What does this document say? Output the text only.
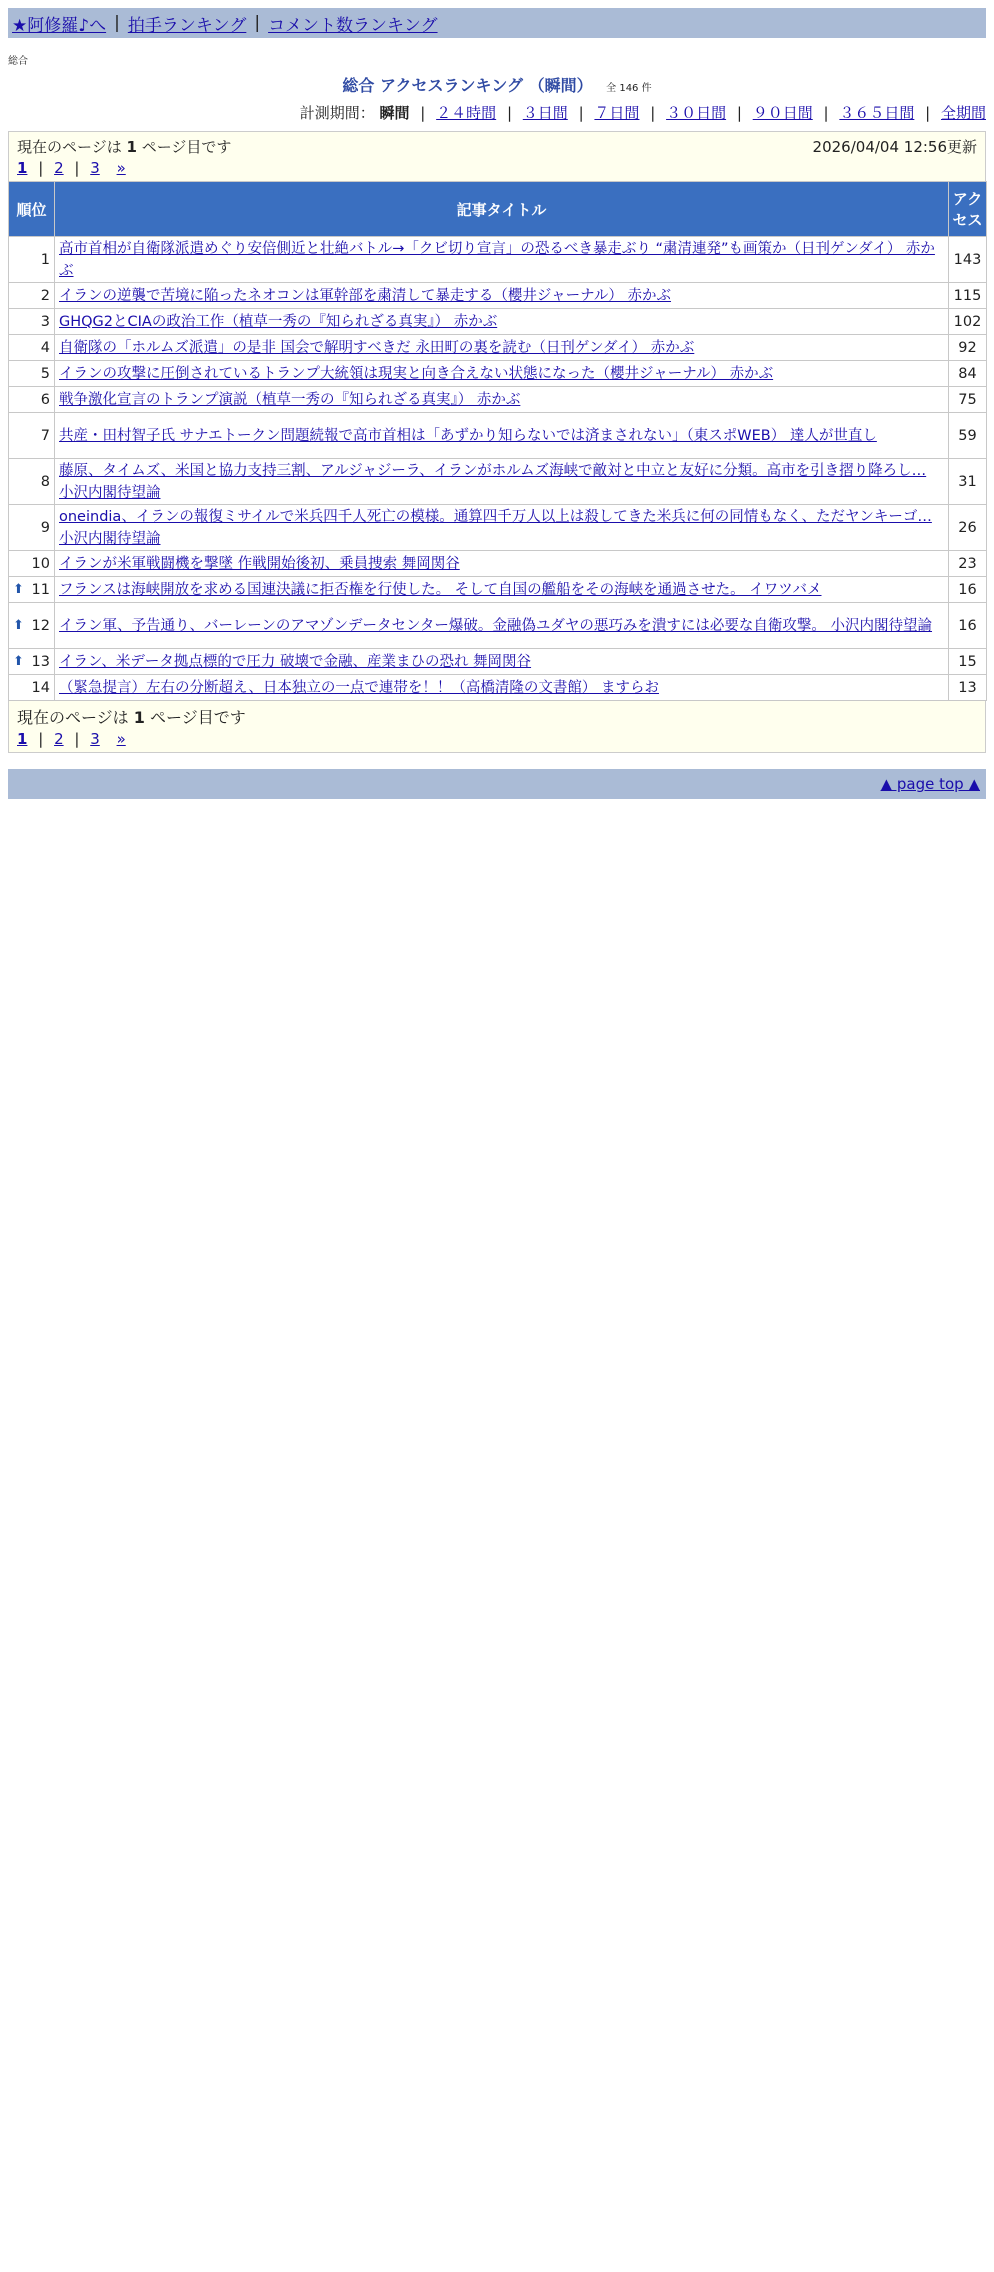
★阿修羅♪へ | 拍手ランキング | コメント数ランキング
総合
総合 アクセスランキング （瞬間） 全 146 件
計測期間： 瞬間 | ２４時間 | ３日間 | ７日間 | ３０日間 | ９０日間 | ３６５日間 | 全期間
現在のページは 1 ページ目です	2026/04/04 12:56更新
1 | 2 | 3 »
順位	記事タイトル	アクセス
1	高市首相が自衛隊派遣めぐり安倍側近と壮絶バトル→「クビ切り宣言」の恐るべき暴走ぶり “粛清連発”も画策か（日刊ゲンダイ） 赤かぶ	143
2	イランの逆襲で苦境に陥ったネオコンは軍幹部を粛清して暴走する（櫻井ジャーナル） 赤かぶ	115
3	GHQG2とCIAの政治工作（植草一秀の『知られざる真実』） 赤かぶ	102
4	自衛隊の「ホルムズ派遣」の是非 国会で解明すべきだ 永田町の裏を読む（日刊ゲンダイ） 赤かぶ	92
5	イランの攻撃に圧倒されているトランプ大統領は現実と向き合えない状態になった（櫻井ジャーナル） 赤かぶ	84
6	戦争激化宣言のトランプ演説（植草一秀の『知られざる真実』） 赤かぶ	75
7	共産・田村智子氏 サナエトークン問題続報で高市首相は「あずかり知らないでは済まされない」（東スポWEB） 達人が世直し	59
8	藤原、タイムズ、米国と協力支持三割、アルジャジーラ、イランがホルムズ海峡で敵対と中立と友好に分類。高市を引き摺り降ろし… 小沢内閣待望論	31
9	oneindia、イランの報復ミサイルで米兵四千人死亡の模様。通算四千万人以上は殺してきた米兵に何の同情もなく、ただヤンキーゴ… 小沢内閣待望論	26
10	イランが米軍戦闘機を撃墜 作戦開始後初、乗員捜索 舞岡関谷	23

⬆ 11	フランスは海峡開放を求める国連決議に拒否権を行使した。 そして自国の艦船をその海峡を通過させた。 イワツバメ	16

⬆ 12	イラン軍、予告通り、バーレーンのアマゾンデータセンター爆破。金融偽ユダヤの悪巧みを潰すには必要な自衛攻撃。 小沢内閣待望論	16

⬆ 13	イラン、米データ拠点標的で圧力 破壊で金融、産業まひの恐れ 舞岡関谷	15
14	（緊急提言）左右の分断超え、日本独立の一点で連帯を！！（高橋清隆の文書館） ますらお	13
現在のページは 1 ページ目です
1 | 2 | 3 »
▲ page top ▲
